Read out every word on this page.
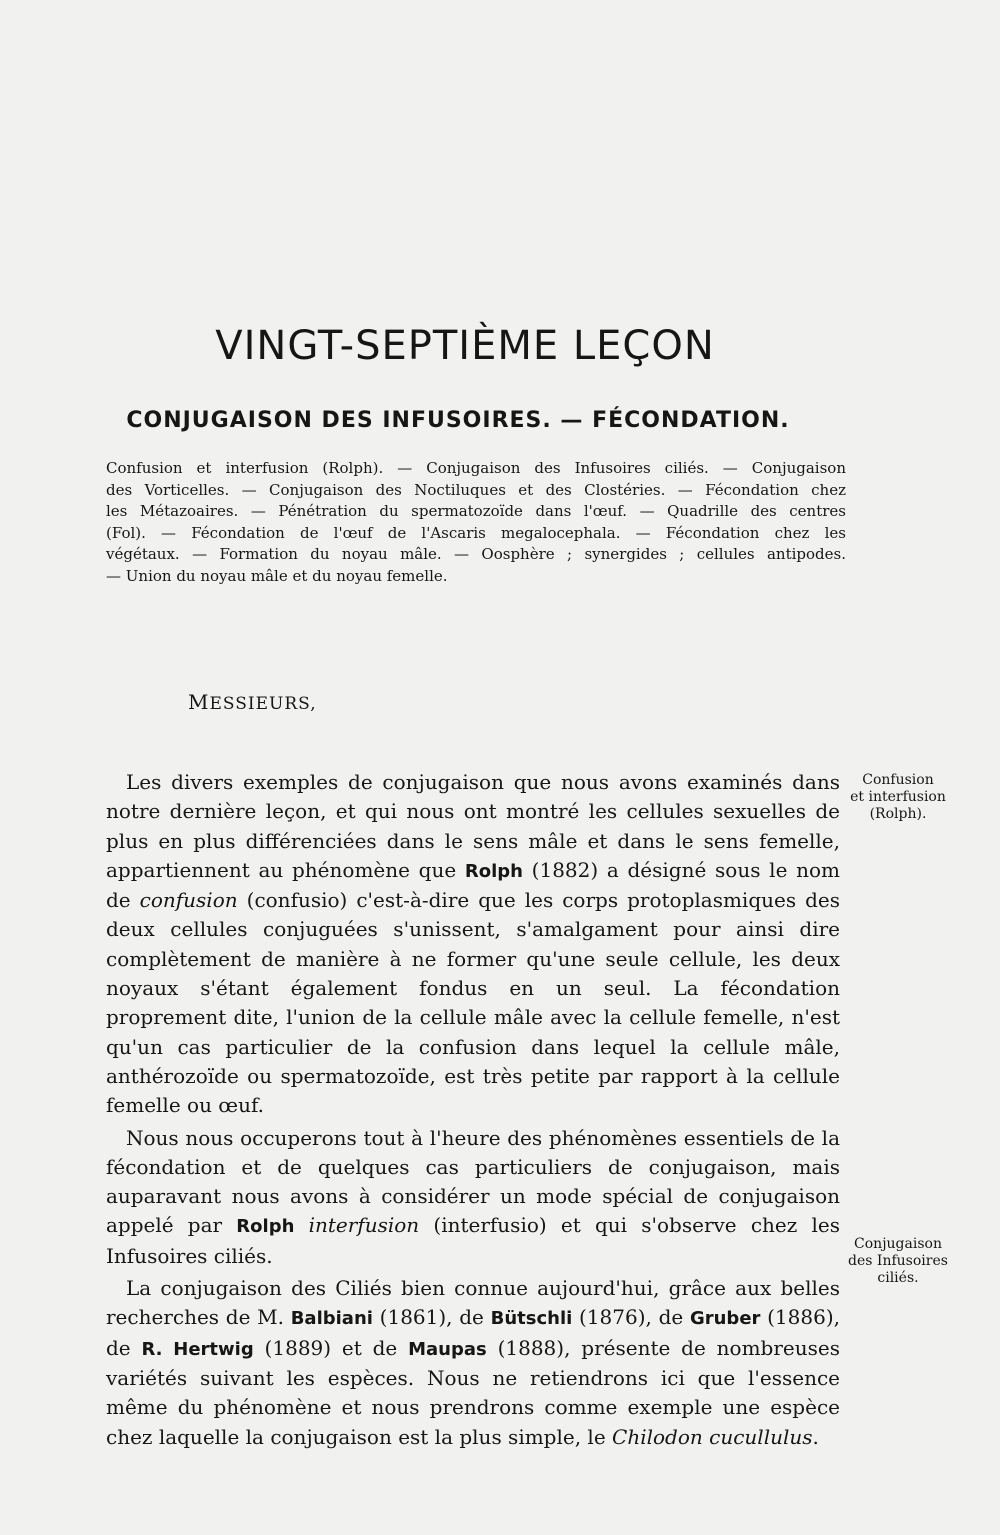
VINGT-SEPTIÈME LEÇON
CONJUGAISON DES INFUSOIRES. — FÉCONDATION.
Confusion et interfusion (Rolph). — Conjugaison des Infusoires ciliés. — Conjugaison
des Vorticelles. — Conjugaison des Noctiluques et des Clostéries. — Fécondation chez
les Métazoaires. — Pénétration du spermatozoïde dans l'œuf. — Quadrille des centres
(Fol). — Fécondation de l'œuf de l'Ascaris megalocephala. — Fécondation chez les
végétaux. — Formation du noyau mâle. — Oosphère ; synergides ; cellules antipodes.
— Union du noyau mâle et du noyau femelle.
MESSIEURS,

Les divers exemples de conjugaison que nous avons examinés dans notre dernière leçon, et qui nous ont montré les cellules sexuelles de plus en plus différenciées dans le sens mâle et dans le sens femelle, appartiennent au phénomène que Rolph (1882) a désigné sous le nom de confusion (confusio) c'est-à-dire que les corps protoplasmiques des deux cellules conjuguées s'unissent, s'amalgament pour ainsi dire complètement de manière à ne former qu'une seule cellule, les deux noyaux s'étant également fondus en un seul. La fécondation proprement dite, l'union de la cellule mâle avec la cellule femelle, n'est qu'un cas particulier de la confusion dans lequel la cellule mâle, anthérozoïde ou spermatozoïde, est très petite par rapport à la cellule femelle ou œuf.

Nous nous occuperons tout à l'heure des phénomènes essentiels de la fécondation et de quelques cas particuliers de conjugaison, mais auparavant nous avons à considérer un mode spécial de conjugaison appelé par Rolph interfusion (interfusio) et qui s'observe chez les Infusoires ciliés.

La conjugaison des Ciliés bien connue aujourd'hui, grâce aux belles recherches de M. Balbiani (1861), de Bütschli (1876), de Gruber (1886), de R. Hertwig (1889) et de Maupas (1888), présente de nombreuses variétés suivant les espèces. Nous ne retiendrons ici que l'essence même du phénomène et nous prendrons comme exemple une espèce chez laquelle la conjugaison est la plus simple, le Chilodon cucullulus.

Confusion
et interfusion
(Rolph).
Conjugaison
des Infusoires
ciliés.
